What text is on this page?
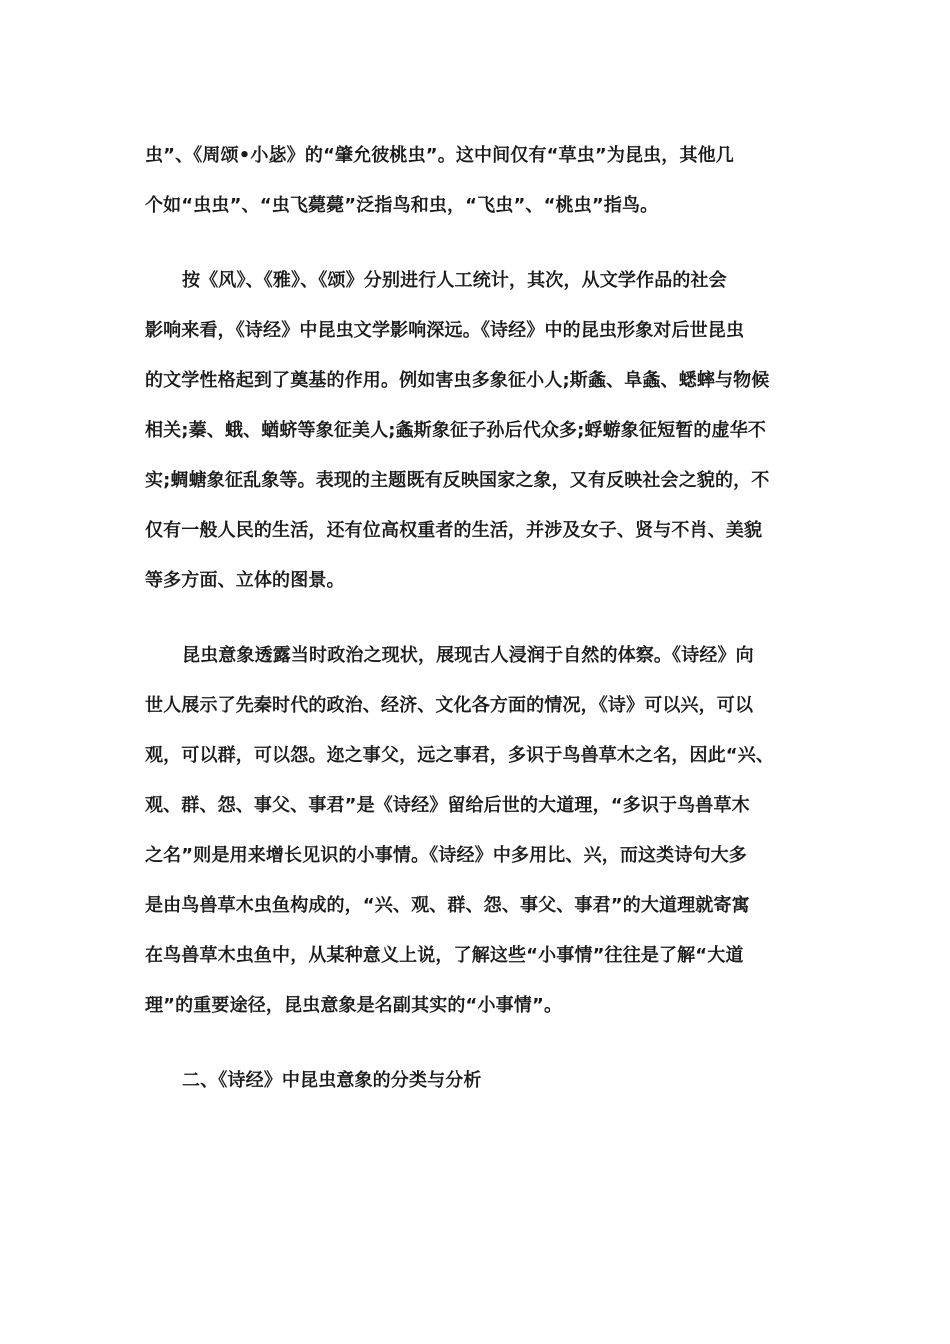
虫”、《周颂•小毖》的“肇允彼桃虫”。这中间仅有“草虫”为昆虫，其他几
个如“虫虫”、“虫飞薨薨”泛指鸟和虫，“飞虫”、“桃虫”指鸟。

按《风》、《雅》、《颂》分别进行人工统计，其次，从文学作品的社会
影响来看，《诗经》中昆虫文学影响深远。《诗经》中的昆虫形象对后世昆虫
的文学性格起到了奠基的作用。例如害虫多象征小人;斯螽、阜螽、蟋蟀与物候
相关;蓁、蛾、蝤蛴等象征美人;螽斯象征子孙后代众多;蜉蝣象征短暂的虚华不
实;蜩螗象征乱象等。表现的主题既有反映国家之象，又有反映社会之貌的，不
仅有一般人民的生活，还有位高权重者的生活，并涉及女子、贤与不肖、美貌
等多方面、立体的图景。

昆虫意象透露当时政治之现状，展现古人浸润于自然的体察。《诗经》向
世人展示了先秦时代的政治、经济、文化各方面的情况，《诗》可以兴，可以
观，可以群，可以怨。迩之事父，远之事君，多识于鸟兽草木之名，因此“兴、
观、群、怨、事父、事君”是《诗经》留给后世的大道理，“多识于鸟兽草木
之名”则是用来增长见识的小事情。《诗经》中多用比、兴，而这类诗句大多
是由鸟兽草木虫鱼构成的，“兴、观、群、怨、事父、事君”的大道理就寄寓
在鸟兽草木虫鱼中，从某种意义上说，了解这些“小事情”往往是了解“大道
理”的重要途径，昆虫意象是名副其实的“小事情”。

二、《诗经》中昆虫意象的分类与分析
